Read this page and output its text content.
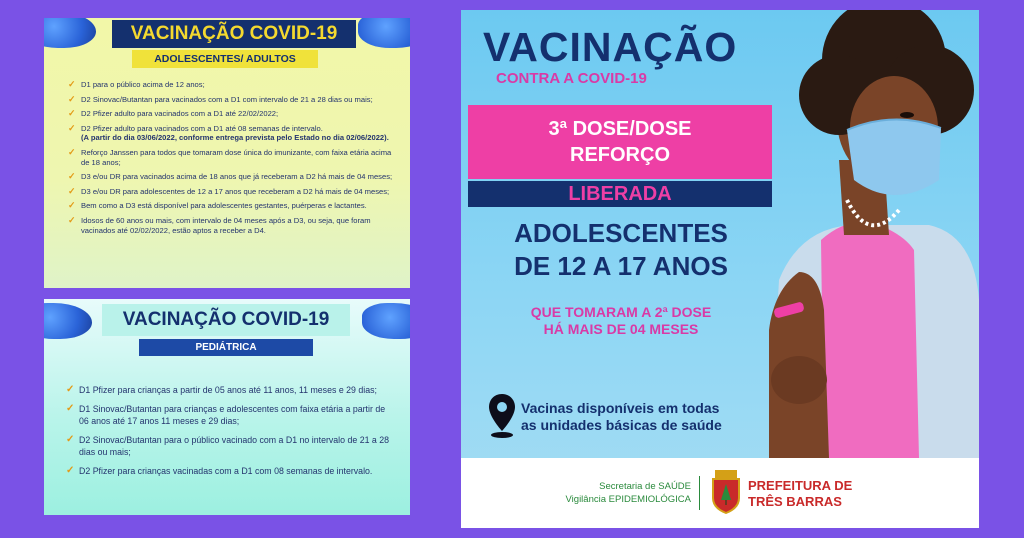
VACINAÇÃO COVID-19
ADOLESCENTES/ ADULTOS
✓ D1 para o público acima de 12 anos;
✓ D2 Sinovac/Butantan para vacinados com a D1 com intervalo de 21 a 28 dias ou mais;
✓ D2 Pfizer adulto para vacinados com a D1 até 22/02/2022;
✓ D2 Pfizer adulto para vacinados com a D1 até 08 semanas de intervalo.
(A partir do dia 03/06/2022, conforme entrega prevista pelo Estado no dia 02/06/2022).
✓ Reforço Janssen para todos que tomaram dose única do imunizante, com faixa etária acima de 18 anos;
✓ D3 e/ou DR para vacinados acima de 18 anos que já receberam a D2 há mais de 04 meses;
✓ D3 e/ou DR para adolescentes de 12 a 17 anos que receberam a D2 há mais de 04 meses;
✓ Bem como a D3 está disponível para adolescentes gestantes, puérperas e lactantes.
✓ Idosos de 60 anos ou mais, com intervalo de 04 meses após a D3, ou seja, que foram vacinados até 02/02/2022, estão aptos a receber a D4.
VACINAÇÃO COVID-19
PEDIÁTRICA
✓ D1 Pfizer para crianças a partir de 05 anos até 11 anos, 11 meses e 29 dias;
✓ D1 Sinovac/Butantan para crianças e adolescentes com faixa etária a partir de 06 anos até 17 anos 11 meses e 29 dias;
✓ D2 Sinovac/Butantan para o público vacinado com a D1 no intervalo de 21 a 28 dias ou mais;
✓ D2 Pfizer para crianças vacinadas com a D1 com 08 semanas de intervalo.
VACINAÇÃO
CONTRA A COVID-19
3ª DOSE/DOSE REFORÇO
LIBERADA
ADOLESCENTES
DE 12 A 17 ANOS
QUE TOMARAM A 2ª DOSE
HÁ MAIS DE 04 MESES
Vacinas disponíveis em todas
as unidades básicas de saúde
Secretaria de SAÚDE
Vigilância EPIDEMIOLÓGICA
PREFEITURA DE
TRÊS BARRAS
